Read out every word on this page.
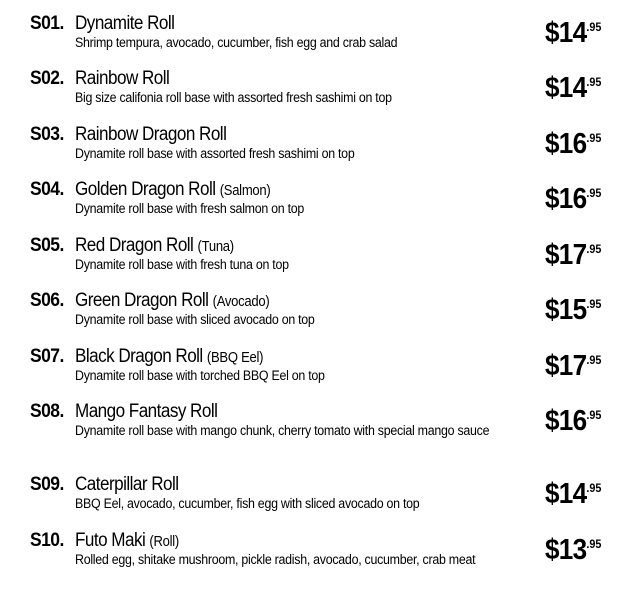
S01. Dynamite Roll
Shrimp tempura, avocado, cucumber, fish egg and crab salad	$\$14^{.95}$
S02. Rainbow Roll
Big size califonia roll base with assorted fresh sashimi on top	$\$14^{.95}$
S03. Rainbow Dragon Roll
Dynamite roll base with assorted fresh sashimi on top	$\$16^{.95}$
S04. Golden Dragon Roll (Salmon)
Dynamite roll base with fresh salmon on top	$\$16^{.95}$
S05. Red Dragon Roll (Tuna)
Dynamite roll base with fresh tuna on top	$\$17^{.95}$
S06. Green Dragon Roll (Avocado)
Dynamite roll base with sliced avocado on top	$\$15^{.95}$
S07. Black Dragon Roll (BBQ Eel)
Dynamite roll base with torched BBQ Eel on top	$\$17^{.95}$
S08. Mango Fantasy Roll
Dynamite roll base with mango chunk, cherry tomato with special mango sauce	$\$16^{.95}$
S09. Caterpillar Roll
BBQ Eel, avocado, cucumber, fish egg with sliced avocado on top	$\$14^{.95}$
S10. Futo Maki (Roll)
Rolled egg, shitake mushroom, pickle radish, avocado, cucumber, crab meat	$\$13^{.95}$
